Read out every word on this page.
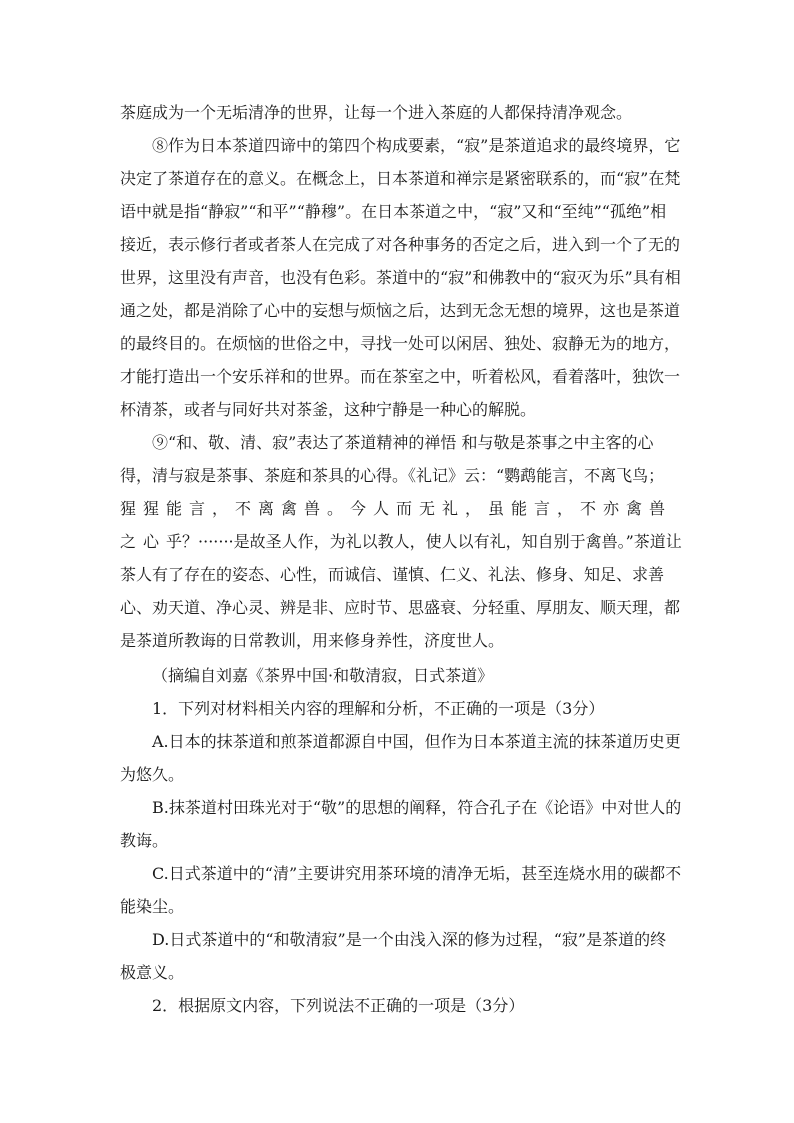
茶庭成为一个无垢清净的世界，让每一个进入茶庭的人都保持清净观念。

⑧作为日本茶道四谛中的第四个构成要素，“寂”是茶道追求的最终境界，它决定了茶道存在的意义。在概念上，日本茶道和禅宗是紧密联系的，而“寂”在梵语中就是指“静寂”“和平”“静穆”。在日本茶道之中，“寂”又和“至纯”“孤绝”相接近，表示修行者或者茶人在完成了对各种事务的否定之后，进入到一个了无的世界，这里没有声音，也没有色彩。茶道中的“寂”和佛教中的“寂灭为乐”具有相通之处，都是消除了心中的妄想与烦恼之后，达到无念无想的境界，这也是茶道的最终目的。在烦恼的世俗之中，寻找一处可以闲居、独处、寂静无为的地方，才能打造出一个安乐祥和的世界。而在茶室之中，听着松风，看着落叶，独饮一杯清茶，或者与同好共对茶釜，这种宁静是一种心的解脱。

⑨“和、敬、清、寂”表达了茶道精神的禅悟 和与敬是茶事之中主客的心得，清与寂是茶事、茶庭和茶具的心得。《礼记》云：“鹦鹉能言，不离飞鸟；猩猩能言，不离禽兽。今人而无礼，虽能言，不亦禽兽之心乎？·······是故圣人作，为礼以教人，使人以有礼，知自别于禽兽。”茶道让茶人有了存在的姿态、心性，而诚信、谨慎、仁义、礼法、修身、知足、求善心、劝天道、净心灵、辨是非、应时节、思盛衰、分轻重、厚朋友、顺天理，都是茶道所教诲的日常教训，用来修身养性，济度世人。

（摘编自刘嘉《茶界中国·和敬清寂，日式茶道》

1．下列对材料相关内容的理解和分析，不正确的一项是（3分）

A.日本的抹茶道和煎茶道都源自中国，但作为日本茶道主流的抹茶道历史更为悠久。

B.抹茶道村田珠光对于“敬”的思想的阐释，符合孔子在《论语》中对世人的教诲。

C.日式茶道中的“清”主要讲究用茶环境的清净无垢，甚至连烧水用的碳都不能染尘。

D.日式茶道中的“和敬清寂”是一个由浅入深的修为过程，“寂”是茶道的终极意义。

2．根据原文内容，下列说法不正确的一项是（3分）
